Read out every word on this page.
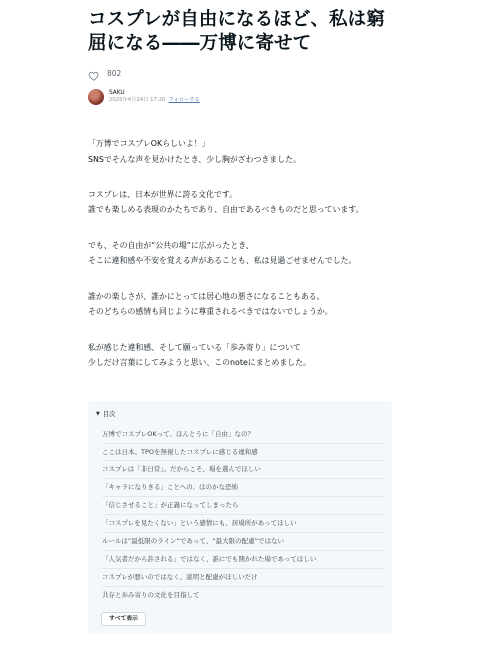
コスプレが自由になるほど、私は窮屈になる――万博に寄せて
802
SAKU
2025年4月24日 17:20 フォローする

「万博でコスプレOKらしいよ！」

SNSでそんな声を見かけたとき、少し胸がざわつきました。

コスプレは、日本が世界に誇る文化です。

誰でも楽しめる表現のかたちであり、自由であるべきものだと思っています。

でも、その自由が“公共の場”に広がったとき、

そこに違和感や不安を覚える声があることも、私は見過ごせませんでした。

誰かの楽しさが、誰かにとっては居心地の悪さになることもある。

そのどちらの感情も同じように尊重されるべきではないでしょうか。

私が感じた違和感、そして願っている「歩み寄り」について

少しだけ言葉にしてみようと思い、このnoteにまとめました。

▼ 目次
万博でコスプレOKって、ほんとうに「自由」なの？
ここは日本。TPOを無視したコスプレに感じる違和感
コスプレは「非日常」。だからこそ、場を選んでほしい
「キャラになりきる」ことへの、ほのかな恐怖
「信じさせること」が正義になってしまったら
「コスプレを見たくない」という感情にも、居場所があってほしい
ルールは“最低限のライン”であって、“最大限の配慮”ではない
「人気者だから許される」ではなく、誰にでも開かれた場であってほしい
コスプレが悪いのではなく、説明と配慮がほしいだけ
共存と歩み寄りの文化を目指して
すべて表示
